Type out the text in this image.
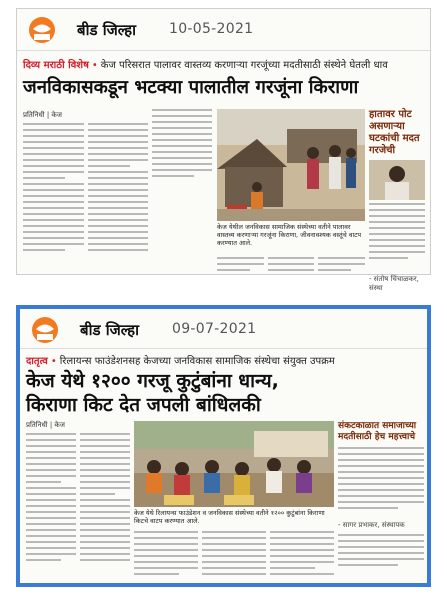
बीड जिल्हा 10-05-2021
दिव्य मराठी विशेष • केज परिसरात पालावर वास्तव्य करणाऱ्या गरजूंच्या मदतीसाठी संस्थेने घेतली धाव
जनविकासकडून भटक्या पालातील गरजूंना किराणा
प्रतिनिधी | केज
केज येथील जनविकास सामाजिक संस्थेच्या वतीने पालावर वास्तव्य करणाऱ्या गरजूंना किराणा, जीवनावश्यक वस्तूंचे वाटप करण्यात आले.
हातावर पोट असणाऱ्या घटकांची मदत गरजेची
- संतोष चिंचाळकर, संस्था
बीड जिल्हा 09-07-2021
दातृत्व • रिलायन्स फाउंडेशनसह केजच्या जनविकास सामाजिक संस्थेचा संयुक्त उपक्रम
केज येथे १२०० गरजू कुटुंबांना धान्य,
किराणा किट देत जपली बांधिलकी
प्रतिनिधी | केज
केज येथे रिलायन्स फाउंडेशन व जनविकास संस्थेच्या वतीने १२०० कुटुंबांना किराणा किटचे वाटप करण्यात आले.
संकटकाळात समाजाच्या मदतीसाठी हेच महत्त्वाचे
- सागर प्रभाकर, संस्थापक
